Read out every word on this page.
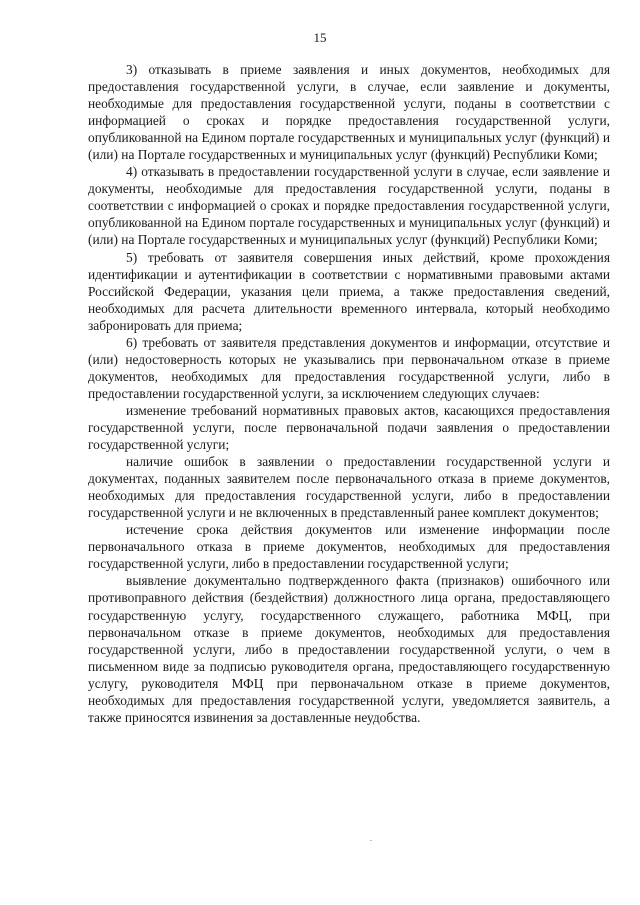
15

3) отказывать в приеме заявления и иных документов, необходимых для предоставления государственной услуги, в случае, если заявление и документы, необходимые для предоставления государственной услуги, поданы в соответствии с информацией о сроках и порядке предоставления государственной услуги, опубликованной на Едином портале государственных и муниципальных услуг (функций) и (или) на Портале государственных и муниципальных услуг (функций) Республики Коми;

4) отказывать в предоставлении государственной услуги в случае, если заявление и документы, необходимые для предоставления государственной услуги, поданы в соответствии с информацией о сроках и порядке предоставления государственной услуги, опубликованной на Едином портале государственных и муниципальных услуг (функций) и (или) на Портале государственных и муниципальных услуг (функций) Республики Коми;

5) требовать от заявителя совершения иных действий, кроме прохождения идентификации и аутентификации в соответствии с нормативными правовыми актами Российской Федерации, указания цели приема, а также предоставления сведений, необходимых для расчета длительности временного интервала, который необходимо забронировать для приема;

6) требовать от заявителя представления документов и информации, отсутствие и (или) недостоверность которых не указывались при первоначальном отказе в приеме документов, необходимых для предоставления государственной услуги, либо в предоставлении государственной услуги, за исключением следующих случаев:

изменение требований нормативных правовых актов, касающихся предоставления государственной услуги, после первоначальной подачи заявления о предоставлении государственной услуги;

наличие ошибок в заявлении о предоставлении государственной услуги и документах, поданных заявителем после первоначального отказа в приеме документов, необходимых для предоставления государственной услуги, либо в предоставлении государственной услуги и не включенных в представленный ранее комплект документов;

истечение срока действия документов или изменение информации после первоначального отказа в приеме документов, необходимых для предоставления государственной услуги, либо в предоставлении государственной услуги;

выявление документально подтвержденного факта (признаков) ошибочного или противоправного действия (бездействия) должностного лица органа, предоставляющего государственную услугу, государственного служащего, работника МФЦ, при первоначальном отказе в приеме документов, необходимых для предоставления государственной услуги, либо в предоставлении государственной услуги, о чем в письменном виде за подписью руководителя органа, предоставляющего государственную услугу, руководителя МФЦ при первоначальном отказе в приеме документов, необходимых для предоставления государственной услуги, уведомляется заявитель, а также приносятся извинения за доставленные неудобства.
